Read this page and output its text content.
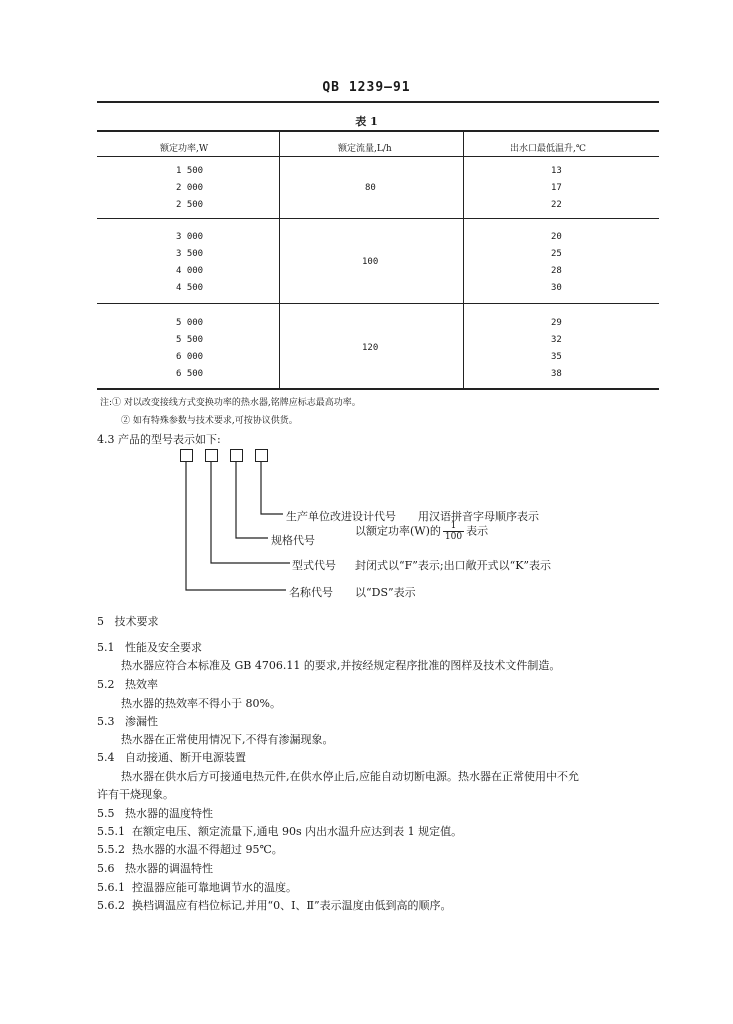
QB 1239—91
表 1
额定功率,W	额定流量,L/h	出水口最低温升,℃
1 500
2 000
2 500
80
13
17
22
3 000
3 500
4 000
4 500
100
20
25
28
30
5 000
5 500
6 000
6 500
120
29
32
35
38
注:① 对以改变接线方式变换功率的热水器,铭牌应标志最高功率。
② 如有特殊参数与技术要求,可按协议供货。
4.3 产品的型号表示如下:
生产单位改进设计代号 用汉语拼音字母顺序表示
规格代号
以额定功率(W)的 $\frac{1}{100}$ 表示
型式代号 封闭式以“F”表示;出口敞开式以“K”表示
名称代号 以“DS”表示
5 技术要求
5.1 性能及安全要求
热水器应符合本标准及 GB 4706.11 的要求,并按经规定程序批准的图样及技术文件制造。
5.2 热效率
热水器的热效率不得小于 80%。
5.3 渗漏性
热水器在正常使用情况下,不得有渗漏现象。
5.4 自动接通、断开电源装置
热水器在供水后方可接通电热元件,在供水停止后,应能自动切断电源。热水器在正常使用中不允
许有干烧现象。
5.5 热水器的温度特性
5.5.1 在额定电压、额定流量下,通电 90s 内出水温升应达到表 1 规定值。
5.5.2 热水器的水温不得超过 95℃。
5.6 热水器的调温特性
5.6.1 控温器应能可靠地调节水的温度。
5.6.2 换档调温应有档位标记,并用“0、Ⅰ、Ⅱ”表示温度由低到高的顺序。
